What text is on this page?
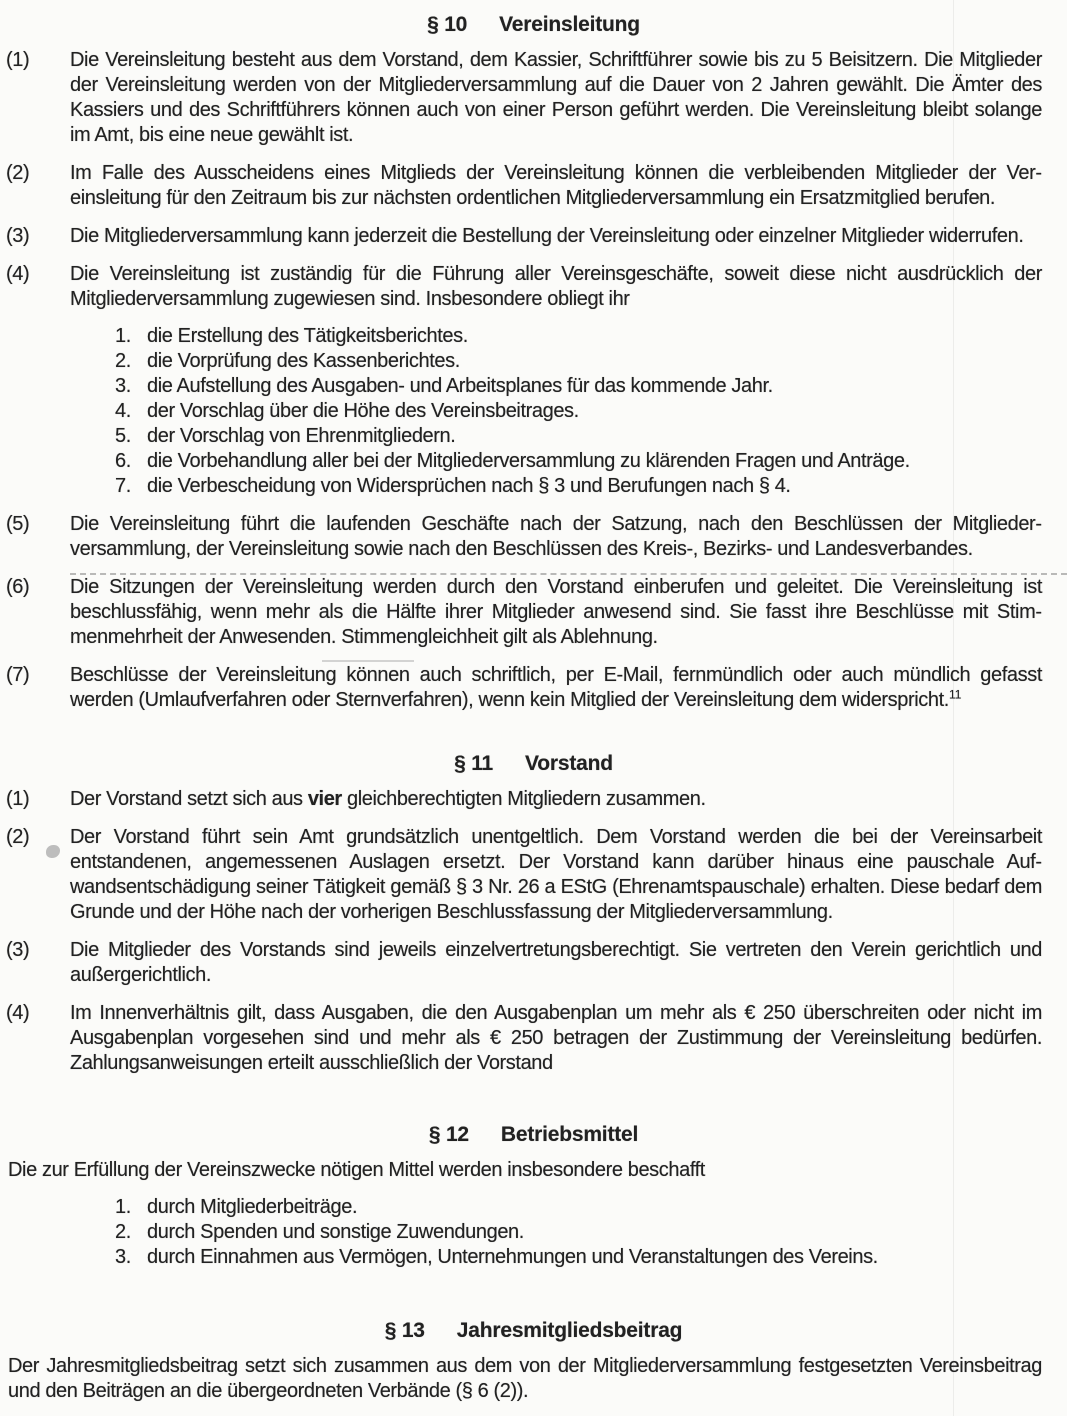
§ 10 Vereinsleitung
(1)	Die Vereinsleitung besteht aus dem Vorstand, dem Kassier, Schriftführer sowie bis zu 5 Beisitzern. Die Mitglieder der Vereinsleitung werden von der Mitgliederversammlung auf die Dauer von 2 Jahren gewählt. Die Ämter des Kassiers und des Schriftführers können auch von einer Person geführt werden. Die Vereinsleitung bleibt solange im Amt, bis eine neue gewählt ist.
(2)	Im Falle des Ausscheidens eines Mitglieds der Vereinsleitung können die verbleibenden Mitglieder der Vereinsleitung für den Zeitraum bis zur nächsten ordentlichen Mitgliederversammlung ein Ersatzmitglied berufen.
(3)	Die Mitgliederversammlung kann jederzeit die Bestellung der Vereinsleitung oder einzelner Mitglieder widerrufen.
(4)	Die Vereinsleitung ist zuständig für die Führung aller Vereinsgeschäfte, soweit diese nicht ausdrücklich der Mitgliederversammlung zugewiesen sind. Insbesondere obliegt ihr
1. die Erstellung des Tätigkeitsberichtes.
2. die Vorprüfung des Kassenberichtes.
3. die Aufstellung des Ausgaben- und Arbeitsplanes für das kommende Jahr.
4. der Vorschlag über die Höhe des Vereinsbeitrages.
5. der Vorschlag von Ehrenmitgliedern.
6. die Vorbehandlung aller bei der Mitgliederversammlung zu klärenden Fragen und Anträge.
7. die Verbescheidung von Widersprüchen nach § 3 und Berufungen nach § 4.
(5)	Die Vereinsleitung führt die laufenden Geschäfte nach der Satzung, nach den Beschlüssen der Mitgliederversammlung, der Vereinsleitung sowie nach den Beschlüssen des Kreis-, Bezirks- und Landesverbandes.
(6)	Die Sitzungen der Vereinsleitung werden durch den Vorstand einberufen und geleitet. Die Vereinsleitung ist beschlussfähig, wenn mehr als die Hälfte ihrer Mitglieder anwesend sind. Sie fasst ihre Beschlüsse mit Stimmenmehrheit der Anwesenden. Stimmengleichheit gilt als Ablehnung.
(7)	Beschlüsse der Vereinsleitung können auch schriftlich, per E-Mail, fernmündlich oder auch mündlich gefasst werden (Umlaufverfahren oder Sternverfahren), wenn kein Mitglied der Vereinsleitung dem widerspricht.$^{11}$
§ 11 Vorstand
(1)	Der Vorstand setzt sich aus vier gleichberechtigten Mitgliedern zusammen.
(2)	Der Vorstand führt sein Amt grundsätzlich unentgeltlich. Dem Vorstand werden die bei der Vereinsarbeit entstandenen, angemessenen Auslagen ersetzt. Der Vorstand kann darüber hinaus eine pauschale Aufwandsentschädigung seiner Tätigkeit gemäß § 3 Nr. 26 a EStG (Ehrenamtspauschale) erhalten. Diese bedarf dem Grunde und der Höhe nach der vorherigen Beschlussfassung der Mitgliederversammlung.
(3)	Die Mitglieder des Vorstands sind jeweils einzelvertretungsberechtigt. Sie vertreten den Verein gerichtlich und außergerichtlich.
(4)	Im Innenverhältnis gilt, dass Ausgaben, die den Ausgabenplan um mehr als € 250 überschreiten oder nicht im Ausgabenplan vorgesehen sind und mehr als € 250 betragen der Zustimmung der Vereinsleitung bedürfen. Zahlungsanweisungen erteilt ausschließlich der Vorstand
§ 12 Betriebsmittel
Die zur Erfüllung der Vereinszwecke nötigen Mittel werden insbesondere beschafft
1. durch Mitgliederbeiträge.
2. durch Spenden und sonstige Zuwendungen.
3. durch Einnahmen aus Vermögen, Unternehmungen und Veranstaltungen des Vereins.
§ 13 Jahresmitgliedsbeitrag
Der Jahresmitgliedsbeitrag setzt sich zusammen aus dem von der Mitgliederversammlung festgesetzten Vereinsbeitrag und den Beiträgen an die übergeordneten Verbände (§ 6 (2)).
